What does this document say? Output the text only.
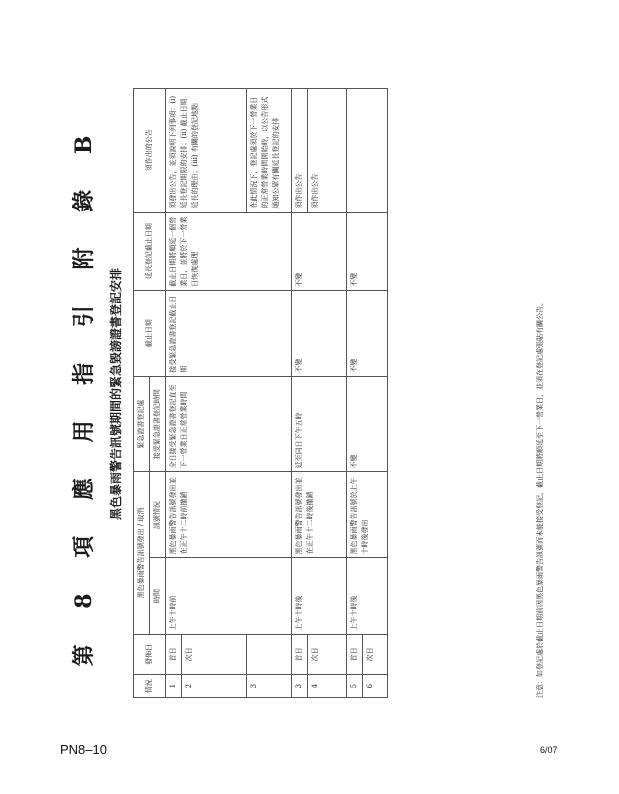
第 8 項 應 用 指 引 附 錄 B 黑色暴雨警告訊號期間的緊急毀謗證書登記安排
情況	發佈日	黑色暴雨警告訊號發出 / 取消		緊急證書登記處	截止日期	延長登記截止日期	須作出的公告
		時間	訊號情況	接受緊急證書登記時間			
1	首日	上午十時前	黑色暴雨警告訊號發出並在正午十二時前撤銷	全日接受緊急證書登記直至下一營業日正常營業時間	接受緊急證書登記截止日期	截止日期將順延一個營業日，並將於下一營業日恢復處理	須發出公告，並須說明下列事項：(i) 延長登記期限的安排；(ii) 截止日期延長的理由；(iii) 有關的登記地點
2	次日						
3							在此情況下，登記處須於下一營業日的正常營業時間開始時，以公告形式通知公眾有關延長登記的安排
3	首日	上午十時後	黑色暴雨警告訊號發出並在正午十二時後撤銷	延至同日下午五時	不變	不變	須作出公告
4	次日						須作出公告
5	首日	上午十時後	黑色暴雨警告訊號於上午十時後發出	不變	不變	不變	
6	次日							注意：如登記處於截止日期前因黑色暴雨警告訊號而未能接受登記，截止日期將順延至下一營業日，並須在登記處張貼有關公告。
PN8–10	6/07
